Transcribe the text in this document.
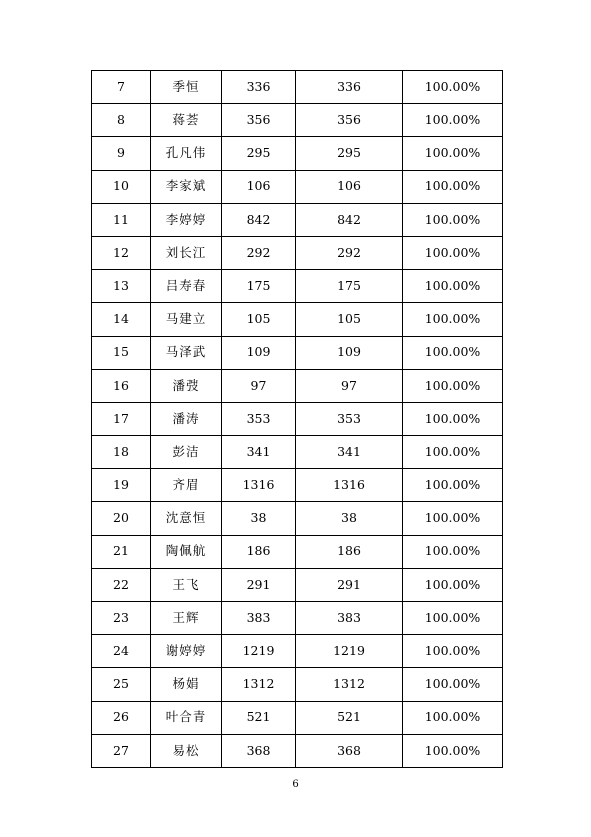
7	季恒	336	336	100.00%
8	蒋荟	356	356	100.00%
9	孔凡伟	295	295	100.00%
10	李家斌	106	106	100.00%
11	李婷婷	842	842	100.00%
12	刘长江	292	292	100.00%
13	吕寿春	175	175	100.00%
14	马建立	105	105	100.00%
15	马泽武	109	109	100.00%
16	潘弢	97	97	100.00%
17	潘涛	353	353	100.00%
18	彭洁	341	341	100.00%
19	齐眉	1316	1316	100.00%
20	沈意恒	38	38	100.00%
21	陶佩航	186	186	100.00%
22	王飞	291	291	100.00%
23	王辉	383	383	100.00%
24	谢婷婷	1219	1219	100.00%
25	杨娟	1312	1312	100.00%
26	叶合青	521	521	100.00%
27	易松	368	368	100.00%
6
